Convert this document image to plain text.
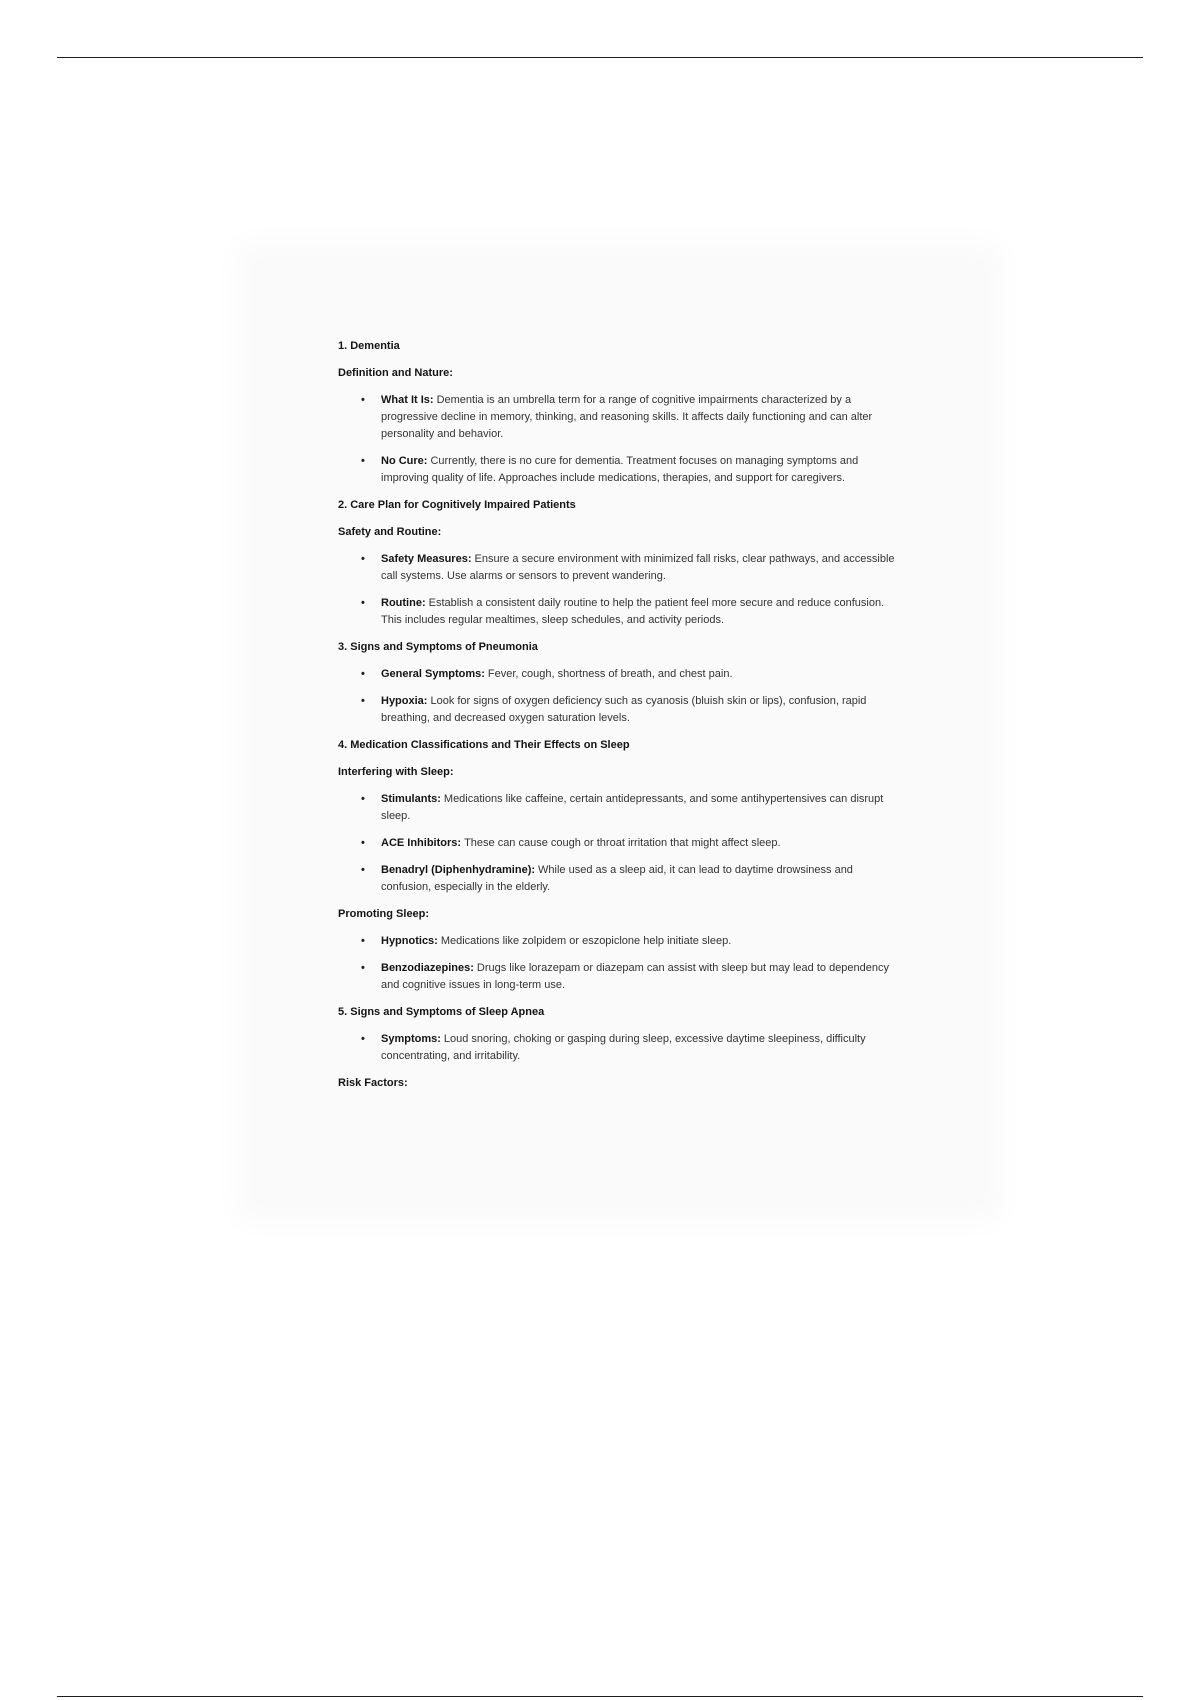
1. Dementia
Definition and Nature:
• What It Is: Dementia is an umbrella term for a range of cognitive impairments characterized by a progressive decline in memory, thinking, and reasoning skills. It affects daily functioning and can alter personality and behavior.
• No Cure: Currently, there is no cure for dementia. Treatment focuses on managing symptoms and improving quality of life. Approaches include medications, therapies, and support for caregivers.
2. Care Plan for Cognitively Impaired Patients
Safety and Routine:
• Safety Measures: Ensure a secure environment with minimized fall risks, clear pathways, and accessible call systems. Use alarms or sensors to prevent wandering.
• Routine: Establish a consistent daily routine to help the patient feel more secure and reduce confusion. This includes regular mealtimes, sleep schedules, and activity periods.
3. Signs and Symptoms of Pneumonia
• General Symptoms: Fever, cough, shortness of breath, and chest pain.
• Hypoxia: Look for signs of oxygen deficiency such as cyanosis (bluish skin or lips), confusion, rapid breathing, and decreased oxygen saturation levels.
4. Medication Classifications and Their Effects on Sleep
Interfering with Sleep:
• Stimulants: Medications like caffeine, certain antidepressants, and some antihypertensives can disrupt sleep.
• ACE Inhibitors: These can cause cough or throat irritation that might affect sleep.
• Benadryl (Diphenhydramine): While used as a sleep aid, it can lead to daytime drowsiness and confusion, especially in the elderly.
Promoting Sleep:
• Hypnotics: Medications like zolpidem or eszopiclone help initiate sleep.
• Benzodiazepines: Drugs like lorazepam or diazepam can assist with sleep but may lead to dependency and cognitive issues in long-term use.
5. Signs and Symptoms of Sleep Apnea
• Symptoms: Loud snoring, choking or gasping during sleep, excessive daytime sleepiness, difficulty concentrating, and irritability.
Risk Factors:
